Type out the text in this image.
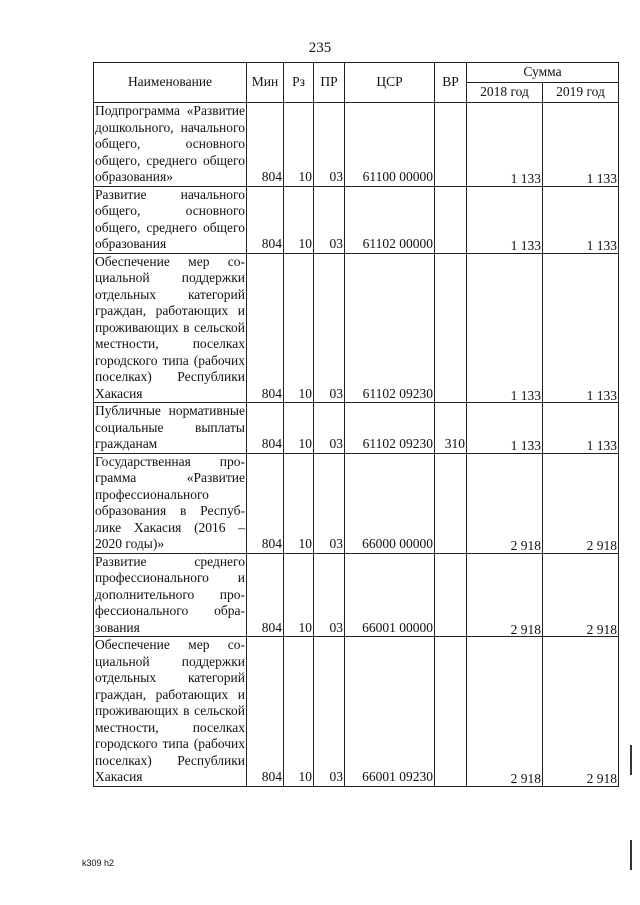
235
Наименование	Мин	Рз	ПР	ЦСР	ВР	Сумма	
						2018 год	2019 год
Подпрограмма «Развитие дошкольного, начального общего, основного общего, среднего общего образования»	804	10	03	61100 00000		1 133	1 133
Развитие начального общего, основного общего, среднего общего образования	804	10	03	61102 00000		1 133	1 133
Обеспечение мер социальной поддержки отдельных категорий граждан, работающих и проживающих в сельской местности, поселках городского типа (рабочих поселках) Республики Хакасия	804	10	03	61102 09230		1 133	1 133
Публичные нормативные социальные выплаты гражданам	804	10	03	61102 09230	310	1 133	1 133
Государственная программа «Развитие профессионального образования в Республике Хакасия (2016 – 2020 годы)»	804	10	03	66000 00000		2 918	2 918
Развитие среднего профессионального и дополнительного профессионального образования	804	10	03	66001 00000		2 918	2 918
Обеспечение мер социальной поддержки отдельных категорий граждан, работающих и проживающих в сельской местности, поселках городского типа (рабочих поселках) Республики Хакасия	804	10	03	66001 09230		2 918	2 918
k309 h2
